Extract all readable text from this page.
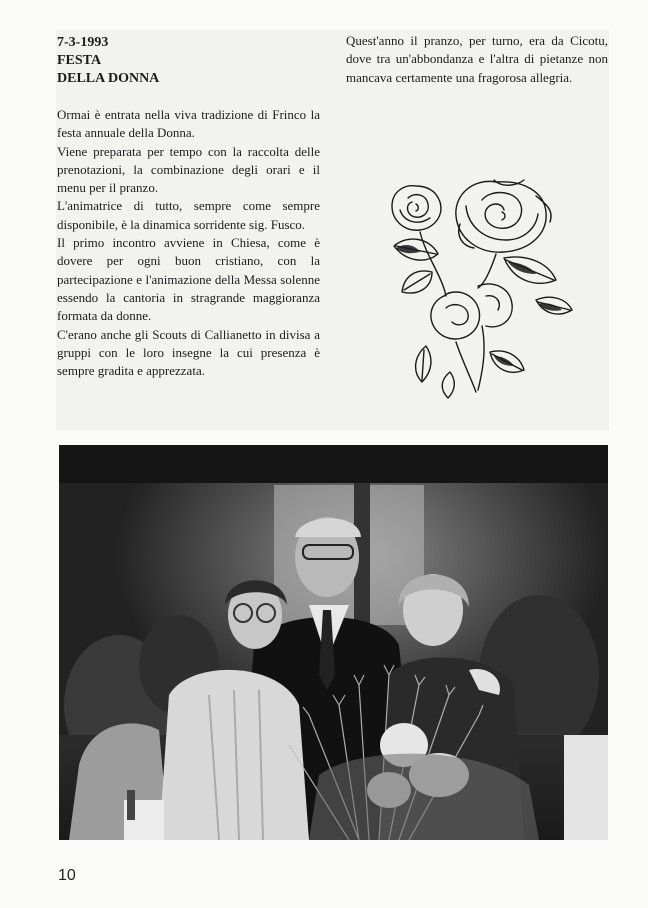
7-3-1993
FESTA
DELLA DONNA

Ormai è entrata nella viva tradizione di Frinco la festa annuale della Donna.

Viene preparata per tempo con la raccolta delle prenotazioni, la combinazione degli orari e il menu per il pranzo.

L'animatrice di tutto, sempre come sempre disponibile, è la dinamica sorridente sig. Fusco.

Il primo incontro avviene in Chiesa, come è dovere per ogni buon cristiano, con la partecipazione e l'animazione della Messa solenne essendo la cantoria in stragrande maggioranza formata da donne.

C'erano anche gli Scouts di Callianetto in divisa a gruppi con le loro insegne la cui presenza è sempre gradita e apprezzata.

Quest'anno il pranzo, per turno, era da Cicotu, dove tra un'abbondanza e l'altra di pietanze non mancava certamente una fragorosa allegria.

10
